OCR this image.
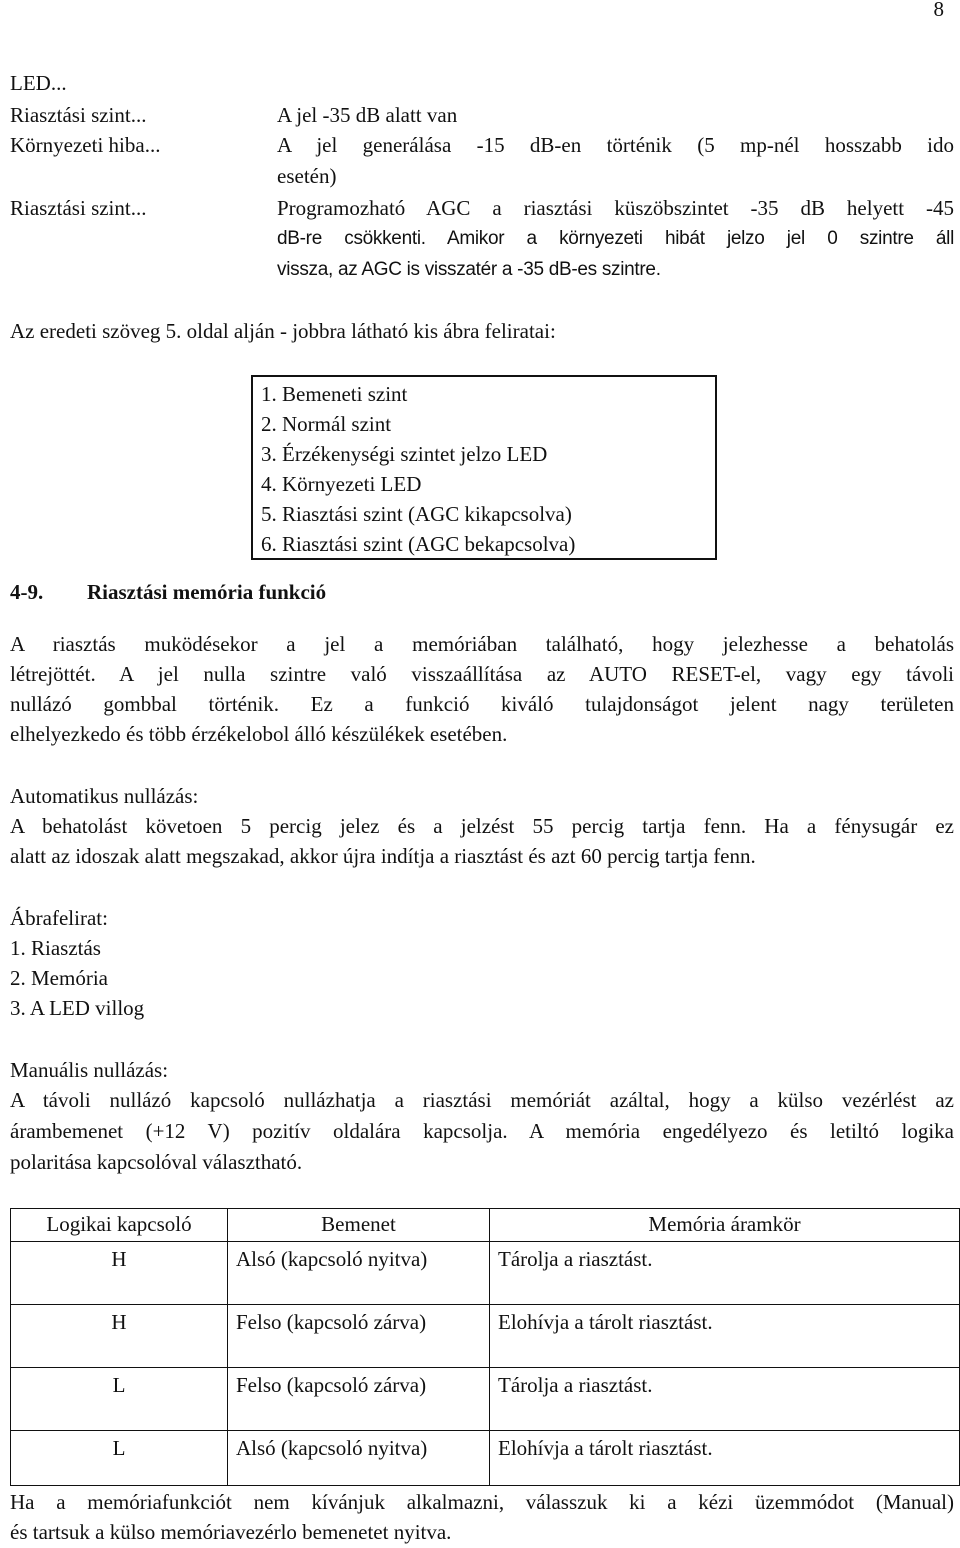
8
LED...
Riasztási szint...	A jel -35 dB alatt van
Környezeti hiba...	A jel generálása -15 dB-en történik (5 mp-nél hosszabb ido
esetén)
Riasztási szint...	Programozható AGC a riasztási küszöbszintet -35 dB helyett -45
dB-re csökkenti. Amikor a környezeti hibát jelzo jel 0 szintre áll
vissza, az AGC is visszatér a -35 dB-es szintre.
Az eredeti szöveg 5. oldal alján - jobbra látható kis ábra feliratai:
1. Bemeneti szint
2. Normál szint
3. Érzékenységi szintet jelzo LED
4. Környezeti LED
5. Riasztási szint (AGC kikapcsolva)
6. Riasztási szint (AGC bekapcsolva)
4-9. Riasztási memória funkció
A riasztás muködésekor a jel a memóriában található, hogy jelezhesse a behatolás
létrejöttét. A jel nulla szintre való visszaállítása az AUTO RESET-el, vagy egy távoli
nullázó gombbal történik. Ez a funkció kiváló tulajdonságot jelent nagy területen
elhelyezkedo és több érzékelobol álló készülékek esetében.
Automatikus nullázás:
A behatolást követoen 5 percig jelez és a jelzést 55 percig tartja fenn. Ha a fénysugár ez
alatt az idoszak alatt megszakad, akkor újra indítja a riasztást és azt 60 percig tartja fenn.
Ábrafelirat:
1. Riasztás
2. Memória
3. A LED villog
Manuális nullázás:
A távoli nullázó kapcsoló nullázhatja a riasztási memóriát azáltal, hogy a külso vezérlést az
árambemenet (+12 V) pozitív oldalára kapcsolja. A memória engedélyezo és letiltó logika
polaritása kapcsolóval választható.
Logikai kapcsoló	Bemenet	Memória áramkör
H	Alsó (kapcsoló nyitva)	Tárolja a riasztást.
H	Felso (kapcsoló zárva)	Elohívja a tárolt riasztást.
L	Felso (kapcsoló zárva)	Tárolja a riasztást.
L	Alsó (kapcsoló nyitva)	Elohívja a tárolt riasztást.
Ha a memóriafunkciót nem kívánjuk alkalmazni, válasszuk ki a kézi üzemmódot (Manual)
és tartsuk a külso memóriavezérlo bemenetet nyitva.
